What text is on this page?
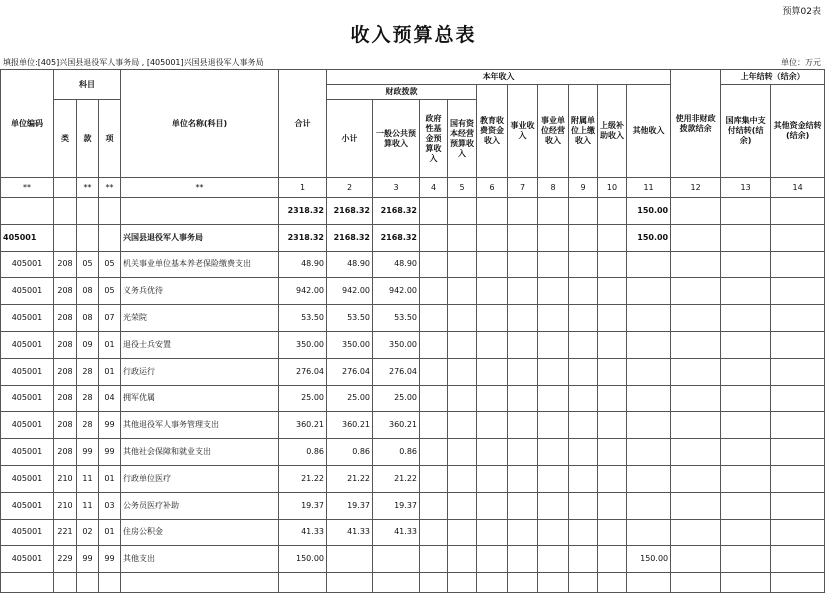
预算02表
收入预算总表
填报单位:[405]兴国县退役军人事务局 , [405001]兴国县退役军人事务局	单位：万元
单位编码	科目			单位名称(科目)	合计	本年收入										使用非财政拨款结余	上年结转（结余）	
						财政拨款				教育收费资金收入	事业收入	事业单位经营收入	附属单位上缴收入	上级补助收入	其他收入		国库集中支付结转(结余)	其他资金结转(结余)
	类	款	项			小计	一般公共预算收入	政府性基金预算收入	国有资本经营预算收入									

**		**	**	**	1	2	3	4	5	6	7	8	9	10	11	12	13	14
					2318.32	2168.32	2168.32								150.00			
405001				兴国县退役军人事务局	2318.32	2168.32	2168.32								150.00			
405001	208	05	05	机关事业单位基本养老保险缴费支出	48.90	48.90	48.90											
405001	208	08	05	义务兵优待	942.00	942.00	942.00											
405001	208	08	07	光荣院	53.50	53.50	53.50											
405001	208	09	01	退役士兵安置	350.00	350.00	350.00											
405001	208	28	01	行政运行	276.04	276.04	276.04											
405001	208	28	04	拥军优属	25.00	25.00	25.00											
405001	208	28	99	其他退役军人事务管理支出	360.21	360.21	360.21											
405001	208	99	99	其他社会保障和就业支出	0.86	0.86	0.86											
405001	210	11	01	行政单位医疗	21.22	21.22	21.22											
405001	210	11	03	公务员医疗补助	19.37	19.37	19.37											
405001	221	02	01	住房公积金	41.33	41.33	41.33											
405001	229	99	99	其他支出	150.00										150.00			
